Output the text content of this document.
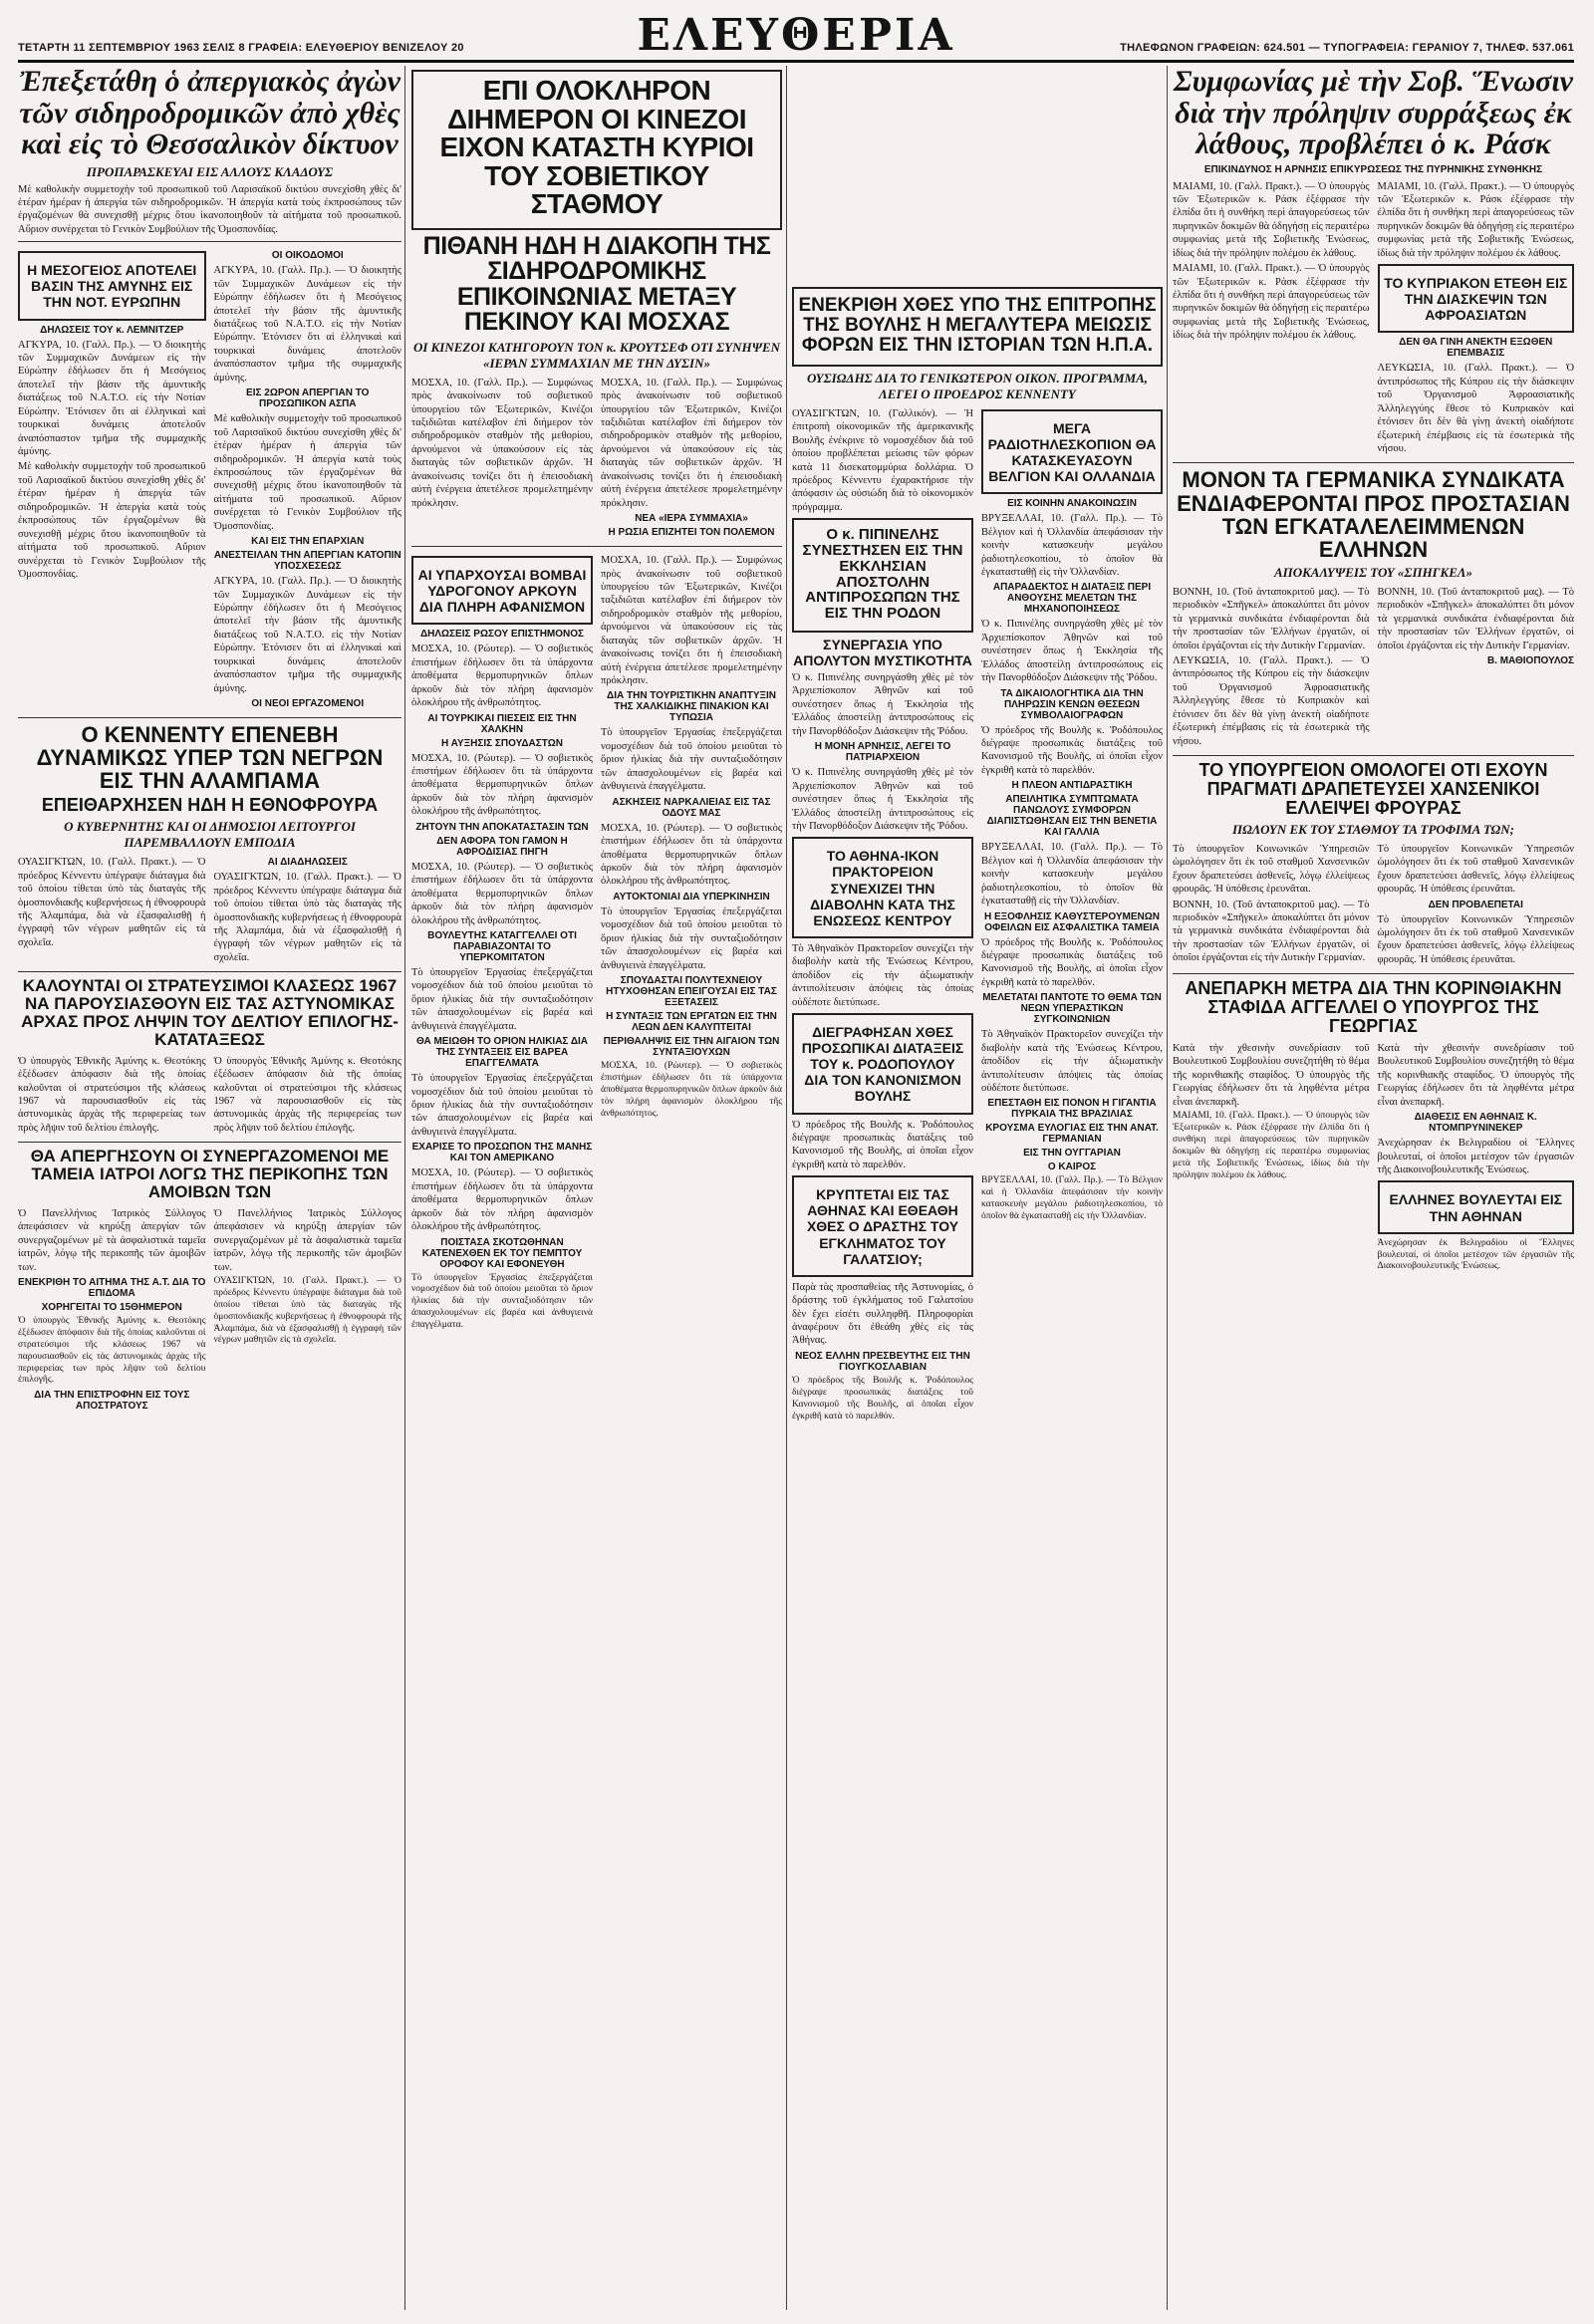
ΤΕΤΑΡΤΗ 11 ΣΕΠΤΕΜΒΡΙΟΥ 1963 ΣΕΛΙΣ 8 ΓΡΑΦΕΙΑ: ΕΛΕΥΘΕΡΙΟΥ ΒΕΝΙΖΕΛΟΥ 20	ΕΛΕΥΘΕΡΙΑ	ΤΗΛΕΦΩΝΟΝ ΓΡΑΦΕΙΩΝ: 624.501 — ΤΥΠΟΓΡΑΦΕΙΑ: ΓΕΡΑΝΙΟΥ 7, ΤΗΛΕΦ. 537.061
Ἐπεξετάθη ὁ ἀπεργιακὸς ἀγὼν τῶν σιδηροδρομικῶν ἀπὸ χθὲς καὶ εἰς τὸ Θεσσαλικὸν δίκτυον
ΠΡΟΠΑΡΑΣΚΕΥΑΙ ΕΙΣ ΑΛΛΟΥΣ ΚΛΑΔΟΥΣ
Μὲ καθολικὴν συμμετοχὴν τοῦ προσωπικοῦ τοῦ Λαρισαϊκοῦ δικτύου συνεχίσθη χθὲς δι' ἑτέραν ἡμέραν ἡ ἀπεργία τῶν σιδηροδρομικῶν. Ἡ ἀπεργία κατὰ τοὺς ἐκπροσώπους τῶν ἐργαζομένων θὰ συνεχισθῇ μέχρις ὅτου ἱκανοποιηθοῦν τὰ αἰτήματα τοῦ προσωπικοῦ. Αὔριον συνέρχεται τὸ Γενικὸν Συμβούλιον τῆς Ὁμοσπονδίας.
Η ΜΕΣΟΓΕΙΟΣ ΑΠΟΤΕΛΕΙ ΒΑΣΙΝ ΤΗΣ ΑΜΥΝΗΣ ΕΙΣ ΤΗΝ ΝΟΤ. ΕΥΡΩΠΗΝ
ΔΗΛΩΣΕΙΣ ΤΟΥ κ. ΛΕΜΝΙΤΖΕΡ
ΑΓΚΥΡΑ, 10. (Γαλλ. Πρ.). — Ὁ διοικητὴς τῶν Συμμαχικῶν Δυνάμεων εἰς τὴν Εὐρώπην ἐδήλωσεν ὅτι ἡ Μεσόγειος ἀποτελεῖ τὴν βάσιν τῆς ἀμυντικῆς διατάξεως τοῦ Ν.Α.Τ.Ο. εἰς τὴν Νοτίαν Εὐρώπην. Ἐτόνισεν ὅτι αἱ ἐλληνικαὶ καὶ τουρκικαὶ δυνάμεις ἀποτελοῦν ἀναπόσπαστον τμῆμα τῆς συμμαχικῆς ἀμύνης.
Μὲ καθολικὴν συμμετοχὴν τοῦ προσωπικοῦ τοῦ Λαρισαϊκοῦ δικτύου συνεχίσθη χθὲς δι' ἑτέραν ἡμέραν ἡ ἀπεργία τῶν σιδηροδρομικῶν. Ἡ ἀπεργία κατὰ τοὺς ἐκπροσώπους τῶν ἐργαζομένων θὰ συνεχισθῇ μέχρις ὅτου ἱκανοποιηθοῦν τὰ αἰτήματα τοῦ προσωπικοῦ. Αὔριον συνέρχεται τὸ Γενικὸν Συμβούλιον τῆς Ὁμοσπονδίας.
ΟΙ ΟΙΚΟΔΟΜΟΙ
ΑΓΚΥΡΑ, 10. (Γαλλ. Πρ.). — Ὁ διοικητὴς τῶν Συμμαχικῶν Δυνάμεων εἰς τὴν Εὐρώπην ἐδήλωσεν ὅτι ἡ Μεσόγειος ἀποτελεῖ τὴν βάσιν τῆς ἀμυντικῆς διατάξεως τοῦ Ν.Α.Τ.Ο. εἰς τὴν Νοτίαν Εὐρώπην. Ἐτόνισεν ὅτι αἱ ἐλληνικαὶ καὶ τουρκικαὶ δυνάμεις ἀποτελοῦν ἀναπόσπαστον τμῆμα τῆς συμμαχικῆς ἀμύνης.
ΕΙΣ 2ΩΡΟΝ ΑΠΕΡΓΙΑΝ ΤΟ ΠΡΟΣΩΠΙΚΟΝ ΑΣΠΑ
Μὲ καθολικὴν συμμετοχὴν τοῦ προσωπικοῦ τοῦ Λαρισαϊκοῦ δικτύου συνεχίσθη χθὲς δι' ἑτέραν ἡμέραν ἡ ἀπεργία τῶν σιδηροδρομικῶν. Ἡ ἀπεργία κατὰ τοὺς ἐκπροσώπους τῶν ἐργαζομένων θὰ συνεχισθῇ μέχρις ὅτου ἱκανοποιηθοῦν τὰ αἰτήματα τοῦ προσωπικοῦ. Αὔριον συνέρχεται τὸ Γενικὸν Συμβούλιον τῆς Ὁμοσπονδίας.
ΚΑΙ ΕΙΣ ΤΗΝ ΕΠΑΡΧΙΑΝ
ΑΝΕΣΤΕΙΛΑΝ ΤΗΝ ΑΠΕΡΓΙΑΝ ΚΑΤΟΠΙΝ ΥΠΟΣΧΕΣΕΩΣ
ΑΓΚΥΡΑ, 10. (Γαλλ. Πρ.). — Ὁ διοικητὴς τῶν Συμμαχικῶν Δυνάμεων εἰς τὴν Εὐρώπην ἐδήλωσεν ὅτι ἡ Μεσόγειος ἀποτελεῖ τὴν βάσιν τῆς ἀμυντικῆς διατάξεως τοῦ Ν.Α.Τ.Ο. εἰς τὴν Νοτίαν Εὐρώπην. Ἐτόνισεν ὅτι αἱ ἐλληνικαὶ καὶ τουρκικαὶ δυνάμεις ἀποτελοῦν ἀναπόσπαστον τμῆμα τῆς συμμαχικῆς ἀμύνης.
ΟΙ ΝΕΟΙ ΕΡΓΑΖΟΜΕΝΟΙ
Ο ΚΕΝΝΕΝΤΥ ΕΠΕΝΕΒΗ ΔΥΝΑΜΙΚΩΣ ΥΠΕΡ ΤΩΝ ΝΕΓΡΩΝ ΕΙΣ ΤΗΝ ΑΛΑΜΠΑΜΑ
ΕΠΕΙΘΑΡΧΗΣΕΝ ΗΔΗ Η ΕΘΝΟΦΡΟΥΡΑ
Ο ΚΥΒΕΡΝΗΤΗΣ ΚΑΙ ΟΙ ΔΗΜΟΣΙΟΙ ΛΕΙΤΟΥΡΓΟΙ ΠΑΡΕΜΒΑΛΛΟΥΝ ΕΜΠΟΔΙΑ
ΟΥΑΣΙΓΚΤΩΝ, 10. (Γαλλ. Πρακτ.). — Ὁ πρόεδρος Κέννεντυ ὑπέγραψε διάταγμα διὰ τοῦ ὁποίου τίθεται ὑπὸ τὰς διαταγὰς τῆς ὁμοσπονδιακῆς κυβερνήσεως ἡ ἐθνοφρουρὰ τῆς Ἀλαμπάμα, διὰ νὰ ἐξασφαλισθῇ ἡ ἐγγραφὴ τῶν νέγρων μαθητῶν εἰς τὰ σχολεῖα.
ΑΙ ΔΙΑΔΗΛΩΣΕΙΣ
ΟΥΑΣΙΓΚΤΩΝ, 10. (Γαλλ. Πρακτ.). — Ὁ πρόεδρος Κέννεντυ ὑπέγραψε διάταγμα διὰ τοῦ ὁποίου τίθεται ὑπὸ τὰς διαταγὰς τῆς ὁμοσπονδιακῆς κυβερνήσεως ἡ ἐθνοφρουρὰ τῆς Ἀλαμπάμα, διὰ νὰ ἐξασφαλισθῇ ἡ ἐγγραφὴ τῶν νέγρων μαθητῶν εἰς τὰ σχολεῖα.
ΚΑΛΟΥΝΤΑΙ ΟΙ ΣΤΡΑΤΕΥΣΙΜΟΙ ΚΛΑΣΕΩΣ 1967 ΝΑ ΠΑΡΟΥΣΙΑΣΘΟΥΝ ΕΙΣ ΤΑΣ ΑΣΤΥΝΟΜΙΚΑΣ ΑΡΧΑΣ ΠΡΟΣ ΛΗΨΙΝ ΤΟΥ ΔΕΛΤΙΟΥ ΕΠΙΛΟΓΗΣ-ΚΑΤΑΤΑΞΕΩΣ
Ὁ ὑπουργὸς Ἐθνικῆς Ἀμύνης κ. Θεοτόκης ἐξέδωσεν ἀπόφασιν διὰ τῆς ὁποίας καλοῦνται οἱ στρατεύσιμοι τῆς κλάσεως 1967 νὰ παρουσιασθοῦν εἰς τὰς ἀστυνομικὰς ἀρχὰς τῆς περιφερείας των πρὸς λῆψιν τοῦ δελτίου ἐπιλογῆς.
Ὁ ὑπουργὸς Ἐθνικῆς Ἀμύνης κ. Θεοτόκης ἐξέδωσεν ἀπόφασιν διὰ τῆς ὁποίας καλοῦνται οἱ στρατεύσιμοι τῆς κλάσεως 1967 νὰ παρουσιασθοῦν εἰς τὰς ἀστυνομικὰς ἀρχὰς τῆς περιφερείας των πρὸς λῆψιν τοῦ δελτίου ἐπιλογῆς.
ΘΑ ΑΠΕΡΓΗΣΟΥΝ ΟΙ ΣΥΝΕΡΓΑΖΟΜΕΝΟΙ ΜΕ ΤΑΜΕΙΑ ΙΑΤΡΟΙ ΛΟΓΩ ΤΗΣ ΠΕΡΙΚΟΠΗΣ ΤΩΝ ΑΜΟΙΒΩΝ ΤΩΝ
Ὁ Πανελλήνιος Ἰατρικὸς Σύλλογος ἀπεφάσισεν νὰ κηρύξῃ ἀπεργίαν τῶν συνεργαζομένων μὲ τὰ ἀσφαλιστικὰ ταμεῖα ἰατρῶν, λόγῳ τῆς περικοπῆς τῶν ἀμοιβῶν των.
ΕΝΕΚΡΙΘΗ ΤΟ ΑΙΤΗΜΑ ΤΗΣ Α.Τ. ΔΙΑ ΤΟ ΕΠΙΔΟΜΑ
ΧΟΡΗΓΕΙΤΑΙ ΤΟ 15ΘΗΜΕΡΟΝ
Ὁ ὑπουργὸς Ἐθνικῆς Ἀμύνης κ. Θεοτόκης ἐξέδωσεν ἀπόφασιν διὰ τῆς ὁποίας καλοῦνται οἱ στρατεύσιμοι τῆς κλάσεως 1967 νὰ παρουσιασθοῦν εἰς τὰς ἀστυνομικὰς ἀρχὰς τῆς περιφερείας των πρὸς λῆψιν τοῦ δελτίου ἐπιλογῆς.
ΔΙΑ ΤΗΝ ΕΠΙΣΤΡΟΦΗΝ ΕΙΣ ΤΟΥΣ ΑΠΟΣΤΡΑΤΟΥΣ
Ὁ Πανελλήνιος Ἰατρικὸς Σύλλογος ἀπεφάσισεν νὰ κηρύξῃ ἀπεργίαν τῶν συνεργαζομένων μὲ τὰ ἀσφαλιστικὰ ταμεῖα ἰατρῶν, λόγῳ τῆς περικοπῆς τῶν ἀμοιβῶν των.
ΟΥΑΣΙΓΚΤΩΝ, 10. (Γαλλ. Πρακτ.). — Ὁ πρόεδρος Κέννεντυ ὑπέγραψε διάταγμα διὰ τοῦ ὁποίου τίθεται ὑπὸ τὰς διαταγὰς τῆς ὁμοσπονδιακῆς κυβερνήσεως ἡ ἐθνοφρουρὰ τῆς Ἀλαμπάμα, διὰ νὰ ἐξασφαλισθῇ ἡ ἐγγραφὴ τῶν νέγρων μαθητῶν εἰς τὰ σχολεῖα.
ΕΠΙ ΟΛΟΚΛΗΡΟΝ ΔΙΗΜΕΡΟΝ ΟΙ ΚΙΝΕΖΟΙ ΕΙΧΟΝ ΚΑΤΑΣΤΗ ΚΥΡΙΟΙ ΤΟΥ ΣΟΒΙΕΤΙΚΟΥ ΣΤΑΘΜΟΥ
ΠΙΘΑΝΗ ΗΔΗ Η ΔΙΑΚΟΠΗ ΤΗΣ ΣΙΔΗΡΟΔΡΟΜΙΚΗΣ ΕΠΙΚΟΙΝΩΝΙΑΣ ΜΕΤΑΞΥ ΠΕΚΙΝΟΥ ΚΑΙ ΜΟΣΧΑΣ
ΟΙ ΚΙΝΕΖΟΙ ΚΑΤΗΓΟΡΟΥΝ ΤΟΝ κ. ΚΡΟΥΤΣΕΦ ΟΤΙ ΣΥΝΗΨΕΝ «ΙΕΡΑΝ ΣΥΜΜΑΧΙΑΝ ΜΕ ΤΗΝ ΔΥΣΙΝ»
ΜΟΣΧΑ, 10. (Γαλλ. Πρ.). — Συμφώνως πρὸς ἀνακοίνωσιν τοῦ σοβιετικοῦ ὑπουργείου τῶν Ἐξωτερικῶν, Κινέζοι ταξιδιῶται κατέλαβον ἐπὶ διήμερον τὸν σιδηροδρομικὸν σταθμὸν τῆς μεθορίου, ἀρνούμενοι νὰ ὑπακούσουν εἰς τὰς διαταγὰς τῶν σοβιετικῶν ἀρχῶν. Ἡ ἀνακοίνωσις τονίζει ὅτι ἡ ἐπεισοδιακὴ αὐτὴ ἐνέργεια ἀπετέλεσε προμελετημένην πρόκλησιν.
ΜΟΣΧΑ, 10. (Γαλλ. Πρ.). — Συμφώνως πρὸς ἀνακοίνωσιν τοῦ σοβιετικοῦ ὑπουργείου τῶν Ἐξωτερικῶν, Κινέζοι ταξιδιῶται κατέλαβον ἐπὶ διήμερον τὸν σιδηροδρομικὸν σταθμὸν τῆς μεθορίου, ἀρνούμενοι νὰ ὑπακούσουν εἰς τὰς διαταγὰς τῶν σοβιετικῶν ἀρχῶν. Ἡ ἀνακοίνωσις τονίζει ὅτι ἡ ἐπεισοδιακὴ αὐτὴ ἐνέργεια ἀπετέλεσε προμελετημένην πρόκλησιν.
ΝΕΑ «ΙΕΡΑ ΣΥΜΜΑΧΙΑ»
Η ΡΩΣΙΑ ΕΠΙΖΗΤΕΙ ΤΟΝ ΠΟΛΕΜΟΝ
ΑΙ ΥΠΑΡΧΟΥΣΑΙ ΒΟΜΒΑΙ ΥΔΡΟΓΟΝΟΥ ΑΡΚΟΥΝ ΔΙΑ ΠΛΗΡΗ ΑΦΑΝΙΣΜΟΝ
ΔΗΛΩΣΕΙΣ ΡΩΣΟΥ ΕΠΙΣΤΗΜΟΝΟΣ
ΜΟΣΧΑ, 10. (Ρώυτερ). — Ὁ σοβιετικὸς ἐπιστήμων ἐδήλωσεν ὅτι τὰ ὑπάρχοντα ἀποθέματα θερμοπυρηνικῶν ὅπλων ἀρκοῦν διὰ τὸν πλήρη ἀφανισμὸν ὁλοκλήρου τῆς ἀνθρωπότητος.
ΑΙ ΤΟΥΡΚΙΚΑΙ ΠΙΕΣΕΙΣ ΕΙΣ ΤΗΝ ΧΑΛΚΗΝ
Η ΑΥΞΗΣΙΣ ΣΠΟΥΔΑΣΤΩΝ
ΜΟΣΧΑ, 10. (Ρώυτερ). — Ὁ σοβιετικὸς ἐπιστήμων ἐδήλωσεν ὅτι τὰ ὑπάρχοντα ἀποθέματα θερμοπυρηνικῶν ὅπλων ἀρκοῦν διὰ τὸν πλήρη ἀφανισμὸν ὁλοκλήρου τῆς ἀνθρωπότητος.
ΖΗΤΟΥΝ ΤΗΝ ΑΠΟΚΑΤΑΣΤΑΣΙΝ ΤΩΝ
ΔΕΝ ΑΦΟΡΑ ΤΟΝ ΓΑΜΟΝ Η ΑΦΡΟΔΙΣΙΑΣ ΠΗΓΗ
ΜΟΣΧΑ, 10. (Ρώυτερ). — Ὁ σοβιετικὸς ἐπιστήμων ἐδήλωσεν ὅτι τὰ ὑπάρχοντα ἀποθέματα θερμοπυρηνικῶν ὅπλων ἀρκοῦν διὰ τὸν πλήρη ἀφανισμὸν ὁλοκλήρου τῆς ἀνθρωπότητος.
ΒΟΥΛΕΥΤΗΣ ΚΑΤΑΓΓΕΛΛΕΙ ΟΤΙ ΠΑΡΑΒΙΑΖΟΝΤΑΙ ΤΟ ΥΠΕΡΚΟΜΙΤΑΤΟΝ
Τὸ ὑπουργεῖον Ἐργασίας ἐπεξεργάζεται νομοσχέδιον διὰ τοῦ ὁποίου μειοῦται τὸ ὅριον ἡλικίας διὰ τὴν συνταξιοδότησιν τῶν ἀπασχολουμένων εἰς βαρέα καὶ ἀνθυγιεινὰ ἐπαγγέλματα.
ΘΑ ΜΕΙΩΘΗ ΤΟ ΟΡΙΟΝ ΗΛΙΚΙΑΣ ΔΙΑ ΤΗΣ ΣΥΝΤΑΞΕΙΣ ΕΙΣ ΒΑΡΕΑ ΕΠΑΓΓΕΛΜΑΤΑ
Τὸ ὑπουργεῖον Ἐργασίας ἐπεξεργάζεται νομοσχέδιον διὰ τοῦ ὁποίου μειοῦται τὸ ὅριον ἡλικίας διὰ τὴν συνταξιοδότησιν τῶν ἀπασχολουμένων εἰς βαρέα καὶ ἀνθυγιεινὰ ἐπαγγέλματα.
ΕΧΑΡΙΣΕ ΤΟ ΠΡΟΣΩΠΟΝ ΤΗΣ ΜΑΝΗΣ ΚΑΙ ΤΟΝ ΑΜΕΡΙΚΑΝΟ
ΜΟΣΧΑ, 10. (Ρώυτερ). — Ὁ σοβιετικὸς ἐπιστήμων ἐδήλωσεν ὅτι τὰ ὑπάρχοντα ἀποθέματα θερμοπυρηνικῶν ὅπλων ἀρκοῦν διὰ τὸν πλήρη ἀφανισμὸν ὁλοκλήρου τῆς ἀνθρωπότητος.
ΠΟΙΣΤΑΣΑ ΣΚΟΤΩΘΗΝΑΝ ΚΑΤΕΝΕΧΘΕΝ ΕΚ ΤΟΥ ΠΕΜΠΤΟΥ ΟΡΟΦΟΥ ΚΑΙ ΕΦΟΝΕΥΘΗ
Τὸ ὑπουργεῖον Ἐργασίας ἐπεξεργάζεται νομοσχέδιον διὰ τοῦ ὁποίου μειοῦται τὸ ὅριον ἡλικίας διὰ τὴν συνταξιοδότησιν τῶν ἀπασχολουμένων εἰς βαρέα καὶ ἀνθυγιεινὰ ἐπαγγέλματα.
ΜΟΣΧΑ, 10. (Γαλλ. Πρ.). — Συμφώνως πρὸς ἀνακοίνωσιν τοῦ σοβιετικοῦ ὑπουργείου τῶν Ἐξωτερικῶν, Κινέζοι ταξιδιῶται κατέλαβον ἐπὶ διήμερον τὸν σιδηροδρομικὸν σταθμὸν τῆς μεθορίου, ἀρνούμενοι νὰ ὑπακούσουν εἰς τὰς διαταγὰς τῶν σοβιετικῶν ἀρχῶν. Ἡ ἀνακοίνωσις τονίζει ὅτι ἡ ἐπεισοδιακὴ αὐτὴ ἐνέργεια ἀπετέλεσε προμελετημένην πρόκλησιν.
ΔΙΑ ΤΗΝ ΤΟΥΡΙΣΤΙΚΗΝ ΑΝΑΠΤΥΞΙΝ ΤΗΣ ΧΑΛΚΙΔΙΚΗΣ ΠΙΝΑΚΙΟΝ ΚΑΙ ΤΥΠΩΣΙΑ
Τὸ ὑπουργεῖον Ἐργασίας ἐπεξεργάζεται νομοσχέδιον διὰ τοῦ ὁποίου μειοῦται τὸ ὅριον ἡλικίας διὰ τὴν συνταξιοδότησιν τῶν ἀπασχολουμένων εἰς βαρέα καὶ ἀνθυγιεινὰ ἐπαγγέλματα.
ΑΣΚΗΣΕΙΣ ΝΑΡΚΑΛΙΕΙΑΣ ΕΙΣ ΤΑΣ ΟΔΟΥΣ ΜΑΣ
ΜΟΣΧΑ, 10. (Ρώυτερ). — Ὁ σοβιετικὸς ἐπιστήμων ἐδήλωσεν ὅτι τὰ ὑπάρχοντα ἀποθέματα θερμοπυρηνικῶν ὅπλων ἀρκοῦν διὰ τὸν πλήρη ἀφανισμὸν ὁλοκλήρου τῆς ἀνθρωπότητος.
ΑΥΤΟΚΤΟΝΙΑΙ ΔΙΑ ΥΠΕΡΚΙΝΗΣΙΝ
Τὸ ὑπουργεῖον Ἐργασίας ἐπεξεργάζεται νομοσχέδιον διὰ τοῦ ὁποίου μειοῦται τὸ ὅριον ἡλικίας διὰ τὴν συνταξιοδότησιν τῶν ἀπασχολουμένων εἰς βαρέα καὶ ἀνθυγιεινὰ ἐπαγγέλματα.
ΣΠΟΥΔΑΣΤΑΙ ΠΟΛΥΤΕΧΝΕΙΟΥ ΗΤΥΧΟΘΗΣΑΝ ΕΠΕΙΓΟΥΣΑΙ ΕΙΣ ΤΑΣ ΕΞΕΤΑΣΕΙΣ
Η ΣΥΝΤΑΞΙΣ ΤΩΝ ΕΡΓΑΤΩΝ ΕΙΣ ΤΗΝ ΛΕΩΝ ΔΕΝ ΚΑΛΥΠΤΕΙΤΑΙ
ΠΕΡΙΘΑΛΗΨΙΣ ΕΙΣ ΤΗΝ ΑΙΓΑΙΟΝ ΤΩΝ ΣΥΝΤΑΞΙΟΥΧΩΝ
ΜΟΣΧΑ, 10. (Ρώυτερ). — Ὁ σοβιετικὸς ἐπιστήμων ἐδήλωσεν ὅτι τὰ ὑπάρχοντα ἀποθέματα θερμοπυρηνικῶν ὅπλων ἀρκοῦν διὰ τὸν πλήρη ἀφανισμὸν ὁλοκλήρου τῆς ἀνθρωπότητος.
ΕΝΕΚΡΙΘΗ ΧΘΕΣ ΥΠΟ ΤΗΣ ΕΠΙΤΡΟΠΗΣ ΤΗΣ ΒΟΥΛΗΣ Η ΜΕΓΑΛΥΤΕΡΑ ΜΕΙΩΣΙΣ ΦΟΡΩΝ ΕΙΣ ΤΗΝ ΙΣΤΟΡΙΑΝ ΤΩΝ Η.Π.Α.
ΟΥΣΙΩΔΗΣ ΔΙΑ ΤΟ ΓΕΝΙΚΩΤΕΡΟΝ ΟΙΚΟΝ. ΠΡΟΓΡΑΜΜΑ, ΛΕΓΕΙ Ο ΠΡΟΕΔΡΟΣ ΚΕΝΝΕΝΤΥ
ΟΥΑΣΙΓΚΤΩΝ, 10. (Γαλλικόν). — Ἡ ἐπιτροπὴ οἰκονομικῶν τῆς ἀμερικανικῆς Βουλῆς ἐνέκρινε τὸ νομοσχέδιον διὰ τοῦ ὁποίου προβλέπεται μείωσις τῶν φόρων κατὰ 11 δισεκατομμύρια δολλάρια. Ὁ πρόεδρος Κέννεντυ ἐχαρακτήρισε τὴν ἀπόφασιν ὡς οὐσιώδη διὰ τὸ οἰκονομικὸν πρόγραμμα.
Ο κ. ΠΙΠΙΝΕΛΗΣ ΣΥΝΕΣΤΗΣΕΝ ΕΙΣ ΤΗΝ ΕΚΚΛΗΣΙΑΝ ΑΠΟΣΤΟΛΗΝ ΑΝΤΙΠΡΟΣΩΠΩΝ ΤΗΣ ΕΙΣ ΤΗΝ ΡΟΔΟΝ
ΣΥΝΕΡΓΑΣΙΑ ΥΠΟ ΑΠΟΛΥΤΟΝ ΜΥΣΤΙΚΟΤΗΤΑ
Ὁ κ. Πιπινέλης συνηργάσθη χθὲς μὲ τὸν Ἀρχιεπίσκοπον Ἀθηνῶν καὶ τοῦ συνέστησεν ὅπως ἡ Ἐκκλησία τῆς Ἑλλάδος ἀποστείλῃ ἀντιπροσώπους εἰς τὴν Πανορθόδοξον Διάσκεψιν τῆς Ῥόδου.
Η ΜΟΝΗ ΑΡΝΗΣΙΣ, ΛΕΓΕΙ ΤΟ ΠΑΤΡΙΑΡΧΕΙΟΝ
Ὁ κ. Πιπινέλης συνηργάσθη χθὲς μὲ τὸν Ἀρχιεπίσκοπον Ἀθηνῶν καὶ τοῦ συνέστησεν ὅπως ἡ Ἐκκλησία τῆς Ἑλλάδος ἀποστείλῃ ἀντιπροσώπους εἰς τὴν Πανορθόδοξον Διάσκεψιν τῆς Ῥόδου.
ΤΟ ΑΘΗΝΑ-ΙΚΟΝ ΠΡΑΚΤΟΡΕΙΟΝ ΣΥΝΕΧΙΖΕΙ ΤΗΝ ΔΙΑΒΟΛΗΝ ΚΑΤΑ ΤΗΣ ΕΝΩΣΕΩΣ ΚΕΝΤΡΟΥ
Τὸ Ἀθηναϊκὸν Πρακτορεῖον συνεχίζει τὴν διαβολὴν κατὰ τῆς Ἐνώσεως Κέντρου, ἀποδίδον εἰς τὴν ἀξιωματικὴν ἀντιπολίτευσιν ἀπόψεις τὰς ὁποίας οὐδέποτε διετύπωσε.
ΔΙΕΓΡΑΦΗΣΑΝ ΧΘΕΣ ΠΡΟΣΩΠΙΚΑΙ ΔΙΑΤΑΞΕΙΣ ΤΟΥ κ. ΡΟΔΟΠΟΥΛΟΥ ΔΙΑ ΤΟΝ ΚΑΝΟΝΙΣΜΟΝ ΒΟΥΛΗΣ
Ὁ πρόεδρος τῆς Βουλῆς κ. Ῥοδόπουλος διέγραψε προσωπικὰς διατάξεις τοῦ Κανονισμοῦ τῆς Βουλῆς, αἱ ὁποῖαι εἶχον ἐγκριθῆ κατὰ τὸ παρελθόν.
ΚΡΥΠΤΕΤΑΙ ΕΙΣ ΤΑΣ ΑΘΗΝΑΣ ΚΑΙ ΕΘΕΑΘΗ ΧΘΕΣ Ο ΔΡΑΣΤΗΣ ΤΟΥ ΕΓΚΛΗΜΑΤΟΣ ΤΟΥ ΓΑΛΑΤΣΙΟΥ;
Παρὰ τὰς προσπαθείας τῆς Ἀστυνομίας, ὁ δράστης τοῦ ἐγκλήματος τοῦ Γαλατσίου δὲν ἔχει εἰσέτι συλληφθῆ. Πληροφορίαι ἀναφέρουν ὅτι ἐθεάθη χθὲς εἰς τὰς Ἀθήνας.
ΝΕΟΣ ΕΛΛΗΝ ΠΡΕΣΒΕΥΤΗΣ ΕΙΣ ΤΗΝ ΓΙΟΥΓΚΟΣΛΑΒΙΑΝ
Ὁ πρόεδρος τῆς Βουλῆς κ. Ῥοδόπουλος διέγραψε προσωπικὰς διατάξεις τοῦ Κανονισμοῦ τῆς Βουλῆς, αἱ ὁποῖαι εἶχον ἐγκριθῆ κατὰ τὸ παρελθόν.
ΜΕΓΑ ΡΑΔΙΟΤΗΛΕΣΚΟΠΙΟΝ ΘΑ ΚΑΤΑΣΚΕΥΑΣΟΥΝ ΒΕΛΓΙΟΝ ΚΑΙ ΟΛΛΑΝΔΙΑ
ΕΙΣ ΚΟΙΝΗΝ ΑΝΑΚΟΙΝΩΣΙΝ
ΒΡΥΞΕΛΛΑΙ, 10. (Γαλλ. Πρ.). — Τὸ Βέλγιον καὶ ἡ Ὀλλανδία ἀπεφάσισαν τὴν κοινὴν κατασκευὴν μεγάλου ῥαδιοτηλεσκοπίου, τὸ ὁποῖον θὰ ἐγκατασταθῇ εἰς τὴν Ὀλλανδίαν.
ΑΠΑΡΑΔΕΚΤΟΣ Η ΔΙΑΤΑΞΙΣ ΠΕΡΙ ΑΝΘΟΥΣΗΣ ΜΕΛΕΤΩΝ ΤΗΣ ΜΗΧΑΝΟΠΟΙΗΣΕΩΣ
Ὁ κ. Πιπινέλης συνηργάσθη χθὲς μὲ τὸν Ἀρχιεπίσκοπον Ἀθηνῶν καὶ τοῦ συνέστησεν ὅπως ἡ Ἐκκλησία τῆς Ἑλλάδος ἀποστείλῃ ἀντιπροσώπους εἰς τὴν Πανορθόδοξον Διάσκεψιν τῆς Ῥόδου.
ΤΑ ΔΙΚΑΙΟΛΟΓΗΤΙΚΑ ΔΙΑ ΤΗΝ ΠΛΗΡΩΣΙΝ ΚΕΝΩΝ ΘΕΣΕΩΝ ΣΥΜΒΟΛΑΙΟΓΡΑΦΩΝ
Ὁ πρόεδρος τῆς Βουλῆς κ. Ῥοδόπουλος διέγραψε προσωπικὰς διατάξεις τοῦ Κανονισμοῦ τῆς Βουλῆς, αἱ ὁποῖαι εἶχον ἐγκριθῆ κατὰ τὸ παρελθόν.
Η ΠΛΕΟΝ ΑΝΤΙΔΡΑΣΤΙΚΗ
ΑΠΕΙΛΗΤΙΚΑ ΣΥΜΠΤΩΜΑΤΑ ΠΑΝΩΛΟΥΣ ΣΥΜΦΟΡΩΝ ΔΙΑΠΙΣΤΩΘΗΣΑΝ ΕΙΣ ΤΗΝ ΒΕΝΕΤΙΑ ΚΑΙ ΓΑΛΛΙΑ
ΒΡΥΞΕΛΛΑΙ, 10. (Γαλλ. Πρ.). — Τὸ Βέλγιον καὶ ἡ Ὀλλανδία ἀπεφάσισαν τὴν κοινὴν κατασκευὴν μεγάλου ῥαδιοτηλεσκοπίου, τὸ ὁποῖον θὰ ἐγκατασταθῇ εἰς τὴν Ὀλλανδίαν.
Η ΕΞΟΦΛΗΣΙΣ ΚΑΘΥΣΤΕΡΟΥΜΕΝΩΝ ΟΦΕΙΛΩΝ ΕΙΣ ΑΣΦΑΛΙΣΤΙΚΑ ΤΑΜΕΙΑ
Ὁ πρόεδρος τῆς Βουλῆς κ. Ῥοδόπουλος διέγραψε προσωπικὰς διατάξεις τοῦ Κανονισμοῦ τῆς Βουλῆς, αἱ ὁποῖαι εἶχον ἐγκριθῆ κατὰ τὸ παρελθόν.
ΜΕΛΕΤΑΤΑΙ ΠΑΝΤΟΤΕ ΤΟ ΘΕΜΑ ΤΩΝ ΝΕΩΝ ΥΠΕΡΑΣΤΙΚΩΝ ΣΥΓΚΟΙΝΩΝΙΩΝ
Τὸ Ἀθηναϊκὸν Πρακτορεῖον συνεχίζει τὴν διαβολὴν κατὰ τῆς Ἐνώσεως Κέντρου, ἀποδίδον εἰς τὴν ἀξιωματικὴν ἀντιπολίτευσιν ἀπόψεις τὰς ὁποίας οὐδέποτε διετύπωσε.
ΕΠΕΣΤΑΘΗ ΕΙΣ ΠΟΝΟΝ Η ΓΙΓΑΝΤΙΑ ΠΥΡΚΑΙΑ ΤΗΣ ΒΡΑΖΙΛΙΑΣ
ΚΡΟΥΣΜΑ ΕΥΛΟΓΙΑΣ ΕΙΣ ΤΗΝ ΑΝΑΤ. ΓΕΡΜΑΝΙΑΝ
ΕΙΣ ΤΗΝ ΟΥΓΓΑΡΙΑΝ
Ο ΚΑΙΡΟΣ
ΒΡΥΞΕΛΛΑΙ, 10. (Γαλλ. Πρ.). — Τὸ Βέλγιον καὶ ἡ Ὀλλανδία ἀπεφάσισαν τὴν κοινὴν κατασκευὴν μεγάλου ῥαδιοτηλεσκοπίου, τὸ ὁποῖον θὰ ἐγκατασταθῇ εἰς τὴν Ὀλλανδίαν.
Συμφωνίας μὲ τὴν Σοβ. Ἕνωσιν διὰ τὴν πρόληψιν συρράξεως ἐκ λάθους, προβλέπει ὁ κ. Ράσκ
ΕΠΙΚΙΝΔΥΝΟΣ Η ΑΡΝΗΣΙΣ ΕΠΙΚΥΡΩΣΕΩΣ ΤΗΣ ΠΥΡΗΝΙΚΗΣ ΣΥΝΘΗΚΗΣ
ΜΑΙΑΜΙ, 10. (Γαλλ. Πρακτ.). — Ὁ ὑπουργὸς τῶν Ἐξωτερικῶν κ. Ράσκ ἐξέφρασε τὴν ἐλπίδα ὅτι ἡ συνθήκη περὶ ἀπαγορεύσεως τῶν πυρηνικῶν δοκιμῶν θὰ ὁδηγήσῃ εἰς περαιτέρω συμφωνίας μετὰ τῆς Σοβιετικῆς Ἑνώσεως, ἰδίως διὰ τὴν πρόληψιν πολέμου ἐκ λάθους.
ΜΑΙΑΜΙ, 10. (Γαλλ. Πρακτ.). — Ὁ ὑπουργὸς τῶν Ἐξωτερικῶν κ. Ράσκ ἐξέφρασε τὴν ἐλπίδα ὅτι ἡ συνθήκη περὶ ἀπαγορεύσεως τῶν πυρηνικῶν δοκιμῶν θὰ ὁδηγήσῃ εἰς περαιτέρω συμφωνίας μετὰ τῆς Σοβιετικῆς Ἑνώσεως, ἰδίως διὰ τὴν πρόληψιν πολέμου ἐκ λάθους.
ΜΑΙΑΜΙ, 10. (Γαλλ. Πρακτ.). — Ὁ ὑπουργὸς τῶν Ἐξωτερικῶν κ. Ράσκ ἐξέφρασε τὴν ἐλπίδα ὅτι ἡ συνθήκη περὶ ἀπαγορεύσεως τῶν πυρηνικῶν δοκιμῶν θὰ ὁδηγήσῃ εἰς περαιτέρω συμφωνίας μετὰ τῆς Σοβιετικῆς Ἑνώσεως, ἰδίως διὰ τὴν πρόληψιν πολέμου ἐκ λάθους.
ΤΟ ΚΥΠΡΙΑΚΟΝ ΕΤΕΘΗ ΕΙΣ ΤΗΝ ΔΙΑΣΚΕΨΙΝ ΤΩΝ ΑΦΡΟΑΣΙΑΤΩΝ
ΔΕΝ ΘΑ ΓΙΝΗ ΑΝΕΚΤΗ ΕΞΩΘΕΝ ΕΠΕΜΒΑΣΙΣ
ΛΕΥΚΩΣΙΑ, 10. (Γαλλ. Πρακτ.). — Ὁ ἀντιπρόσωπος τῆς Κύπρου εἰς τὴν διάσκεψιν τοῦ Ὀργανισμοῦ Ἀφροασιατικῆς Ἀλληλεγγύης ἔθεσε τὸ Κυπριακὸν καὶ ἐτόνισεν ὅτι δὲν θὰ γίνῃ ἀνεκτὴ οἱαδήποτε ἐξωτερικὴ ἐπέμβασις εἰς τὰ ἐσωτερικὰ τῆς νήσου.
ΜΟΝΟΝ ΤΑ ΓΕΡΜΑΝΙΚΑ ΣΥΝΔΙΚΑΤΑ ΕΝΔΙΑΦΕΡΟΝΤΑΙ ΠΡΟΣ ΠΡΟΣΤΑΣΙΑΝ ΤΩΝ ΕΓΚΑΤΑΛΕΛΕΙΜΜΕΝΩΝ ΕΛΛΗΝΩΝ
ΑΠΟΚΑΛΥΨΕΙΣ ΤΟΥ «ΣΠΗΓΚΕΛ»
ΒΟΝΝΗ, 10. (Τοῦ ἀνταποκριτοῦ μας). — Τὸ περιοδικὸν «Σπῆγκελ» ἀποκαλύπτει ὅτι μόνον τὰ γερμανικὰ συνδικάτα ἐνδιαφέρονται διὰ τὴν προστασίαν τῶν Ἑλλήνων ἐργατῶν, οἱ ὁποῖοι ἐργάζονται εἰς τὴν Δυτικὴν Γερμανίαν.
ΛΕΥΚΩΣΙΑ, 10. (Γαλλ. Πρακτ.). — Ὁ ἀντιπρόσωπος τῆς Κύπρου εἰς τὴν διάσκεψιν τοῦ Ὀργανισμοῦ Ἀφροασιατικῆς Ἀλληλεγγύης ἔθεσε τὸ Κυπριακὸν καὶ ἐτόνισεν ὅτι δὲν θὰ γίνῃ ἀνεκτὴ οἱαδήποτε ἐξωτερικὴ ἐπέμβασις εἰς τὰ ἐσωτερικὰ τῆς νήσου.
ΒΟΝΝΗ, 10. (Τοῦ ἀνταποκριτοῦ μας). — Τὸ περιοδικὸν «Σπῆγκελ» ἀποκαλύπτει ὅτι μόνον τὰ γερμανικὰ συνδικάτα ἐνδιαφέρονται διὰ τὴν προστασίαν τῶν Ἑλλήνων ἐργατῶν, οἱ ὁποῖοι ἐργάζονται εἰς τὴν Δυτικὴν Γερμανίαν.
Β. ΜΑΘΙΟΠΟΥΛΟΣ
ΤΟ ΥΠΟΥΡΓΕΙΟΝ ΟΜΟΛΟΓΕΙ ΟΤΙ ΕΧΟΥΝ ΠΡΑΓΜΑΤΙ ΔΡΑΠΕΤΕΥΣΕΙ ΧΑΝΣΕΝΙΚΟΙ ΕΛΛΕΙΨΕΙ ΦΡΟΥΡΑΣ
ΠΩΛΟΥΝ ΕΚ ΤΟΥ ΣΤΑΘΜΟΥ ΤΑ ΤΡΟΦΙΜΑ ΤΩΝ;
Τὸ ὑπουργεῖον Κοινωνικῶν Ὑπηρεσιῶν ὡμολόγησεν ὅτι ἐκ τοῦ σταθμοῦ Χανσενικῶν ἔχουν δραπετεύσει ἀσθενεῖς, λόγῳ ἐλλείψεως φρουρᾶς. Ἡ ὑπόθεσις ἐρευνᾶται.
ΒΟΝΝΗ, 10. (Τοῦ ἀνταποκριτοῦ μας). — Τὸ περιοδικὸν «Σπῆγκελ» ἀποκαλύπτει ὅτι μόνον τὰ γερμανικὰ συνδικάτα ἐνδιαφέρονται διὰ τὴν προστασίαν τῶν Ἑλλήνων ἐργατῶν, οἱ ὁποῖοι ἐργάζονται εἰς τὴν Δυτικὴν Γερμανίαν.
Τὸ ὑπουργεῖον Κοινωνικῶν Ὑπηρεσιῶν ὡμολόγησεν ὅτι ἐκ τοῦ σταθμοῦ Χανσενικῶν ἔχουν δραπετεύσει ἀσθενεῖς, λόγῳ ἐλλείψεως φρουρᾶς. Ἡ ὑπόθεσις ἐρευνᾶται.
ΔΕΝ ΠΡΟΒΛΕΠΕΤΑΙ
Τὸ ὑπουργεῖον Κοινωνικῶν Ὑπηρεσιῶν ὡμολόγησεν ὅτι ἐκ τοῦ σταθμοῦ Χανσενικῶν ἔχουν δραπετεύσει ἀσθενεῖς, λόγῳ ἐλλείψεως φρουρᾶς. Ἡ ὑπόθεσις ἐρευνᾶται.
ΑΝΕΠΑΡΚΗ ΜΕΤΡΑ ΔΙΑ ΤΗΝ ΚΟΡΙΝΘΙΑΚΗΝ ΣΤΑΦΙΔΑ ΑΓΓΕΛΛΕΙ Ο ΥΠΟΥΡΓΟΣ ΤΗΣ ΓΕΩΡΓΙΑΣ
Κατὰ τὴν χθεσινὴν συνεδρίασιν τοῦ Βουλευτικοῦ Συμβουλίου συνεζητήθη τὸ θέμα τῆς κορινθιακῆς σταφίδος. Ὁ ὑπουργὸς τῆς Γεωργίας ἐδήλωσεν ὅτι τὰ ληφθέντα μέτρα εἶναι ἀνεπαρκῆ.
ΜΑΙΑΜΙ, 10. (Γαλλ. Πρακτ.). — Ὁ ὑπουργὸς τῶν Ἐξωτερικῶν κ. Ράσκ ἐξέφρασε τὴν ἐλπίδα ὅτι ἡ συνθήκη περὶ ἀπαγορεύσεως τῶν πυρηνικῶν δοκιμῶν θὰ ὁδηγήσῃ εἰς περαιτέρω συμφωνίας μετὰ τῆς Σοβιετικῆς Ἑνώσεως, ἰδίως διὰ τὴν πρόληψιν πολέμου ἐκ λάθους.
Κατὰ τὴν χθεσινὴν συνεδρίασιν τοῦ Βουλευτικοῦ Συμβουλίου συνεζητήθη τὸ θέμα τῆς κορινθιακῆς σταφίδος. Ὁ ὑπουργὸς τῆς Γεωργίας ἐδήλωσεν ὅτι τὰ ληφθέντα μέτρα εἶναι ἀνεπαρκῆ.
ΔΙΑΘΕΣΙΣ ΕΝ ΑΘΗΝΑΙΣ Κ. ΝΤΟΜΠΡΥΝΙΝΕΚΕΡ
Ἀνεχώρησαν ἐκ Βελιγραδίου οἱ Ἕλληνες βουλευταί, οἱ ὁποῖοι μετέσχον τῶν ἐργασιῶν τῆς Διακοινοβουλευτικῆς Ἑνώσεως.
ΕΛΛΗΝΕΣ ΒΟΥΛΕΥΤΑΙ ΕΙΣ ΤΗΝ ΑΘΗΝΑΝ
Ἀνεχώρησαν ἐκ Βελιγραδίου οἱ Ἕλληνες βουλευταί, οἱ ὁποῖοι μετέσχον τῶν ἐργασιῶν τῆς Διακοινοβουλευτικῆς Ἑνώσεως.
